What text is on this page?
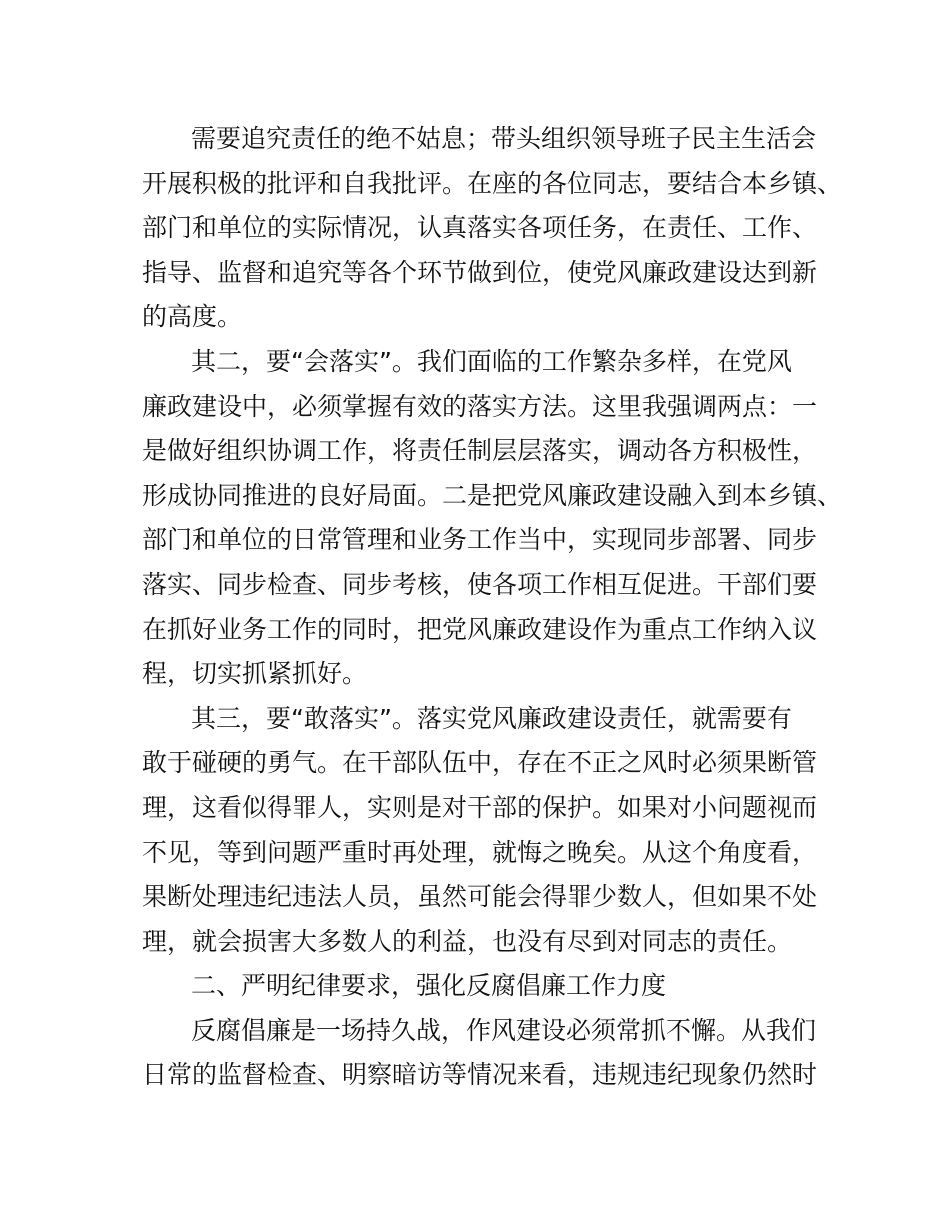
需要追究责任的绝不姑息；带头组织领导班子民主生活会
开展积极的批评和自我批评。在座的各位同志，要结合本乡镇、
部门和单位的实际情况，认真落实各项任务，在责任、工作、
指导、监督和追究等各个环节做到位，使党风廉政建设达到新
的高度。

其二，要“会落实”。我们面临的工作繁杂多样，在党风
廉政建设中，必须掌握有效的落实方法。这里我强调两点：一
是做好组织协调工作，将责任制层层落实，调动各方积极性，
形成协同推进的良好局面。二是把党风廉政建设融入到本乡镇、
部门和单位的日常管理和业务工作当中，实现同步部署、同步
落实、同步检查、同步考核，使各项工作相互促进。干部们要
在抓好业务工作的同时，把党风廉政建设作为重点工作纳入议
程，切实抓紧抓好。

其三，要“敢落实”。落实党风廉政建设责任，就需要有
敢于碰硬的勇气。在干部队伍中，存在不正之风时必须果断管
理，这看似得罪人，实则是对干部的保护。如果对小问题视而
不见，等到问题严重时再处理，就悔之晚矣。从这个角度看，
果断处理违纪违法人员，虽然可能会得罪少数人，但如果不处
理，就会损害大多数人的利益，也没有尽到对同志的责任。

二、严明纪律要求，强化反腐倡廉工作力度

反腐倡廉是一场持久战，作风建设必须常抓不懈。从我们
日常的监督检查、明察暗访等情况来看，违规违纪现象仍然时
